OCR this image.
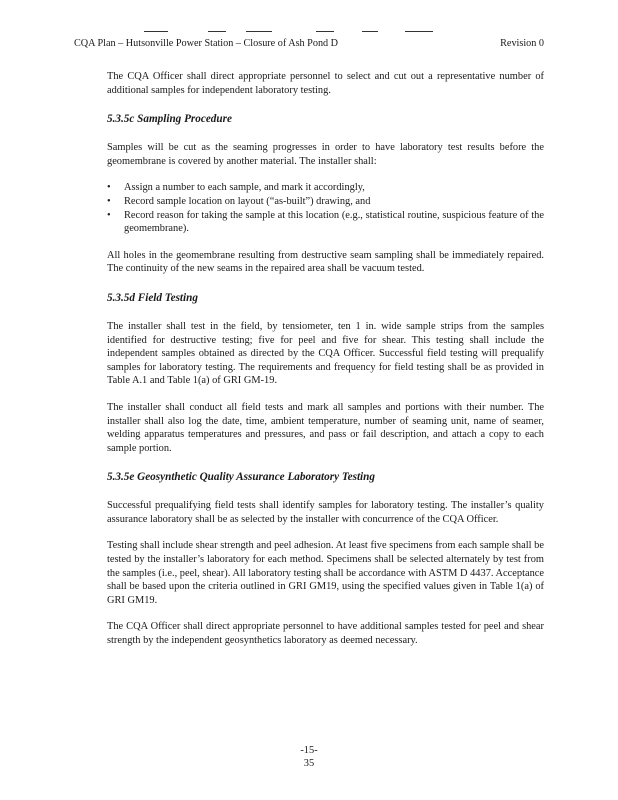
CQA Plan – Hutsonville Power Station – Closure of Ash Pond D	Revision 0

The CQA Officer shall direct appropriate personnel to select and cut out a representative number of additional samples for independent laboratory testing.

5.3.5c Sampling Procedure

Samples will be cut as the seaming progresses in order to have laboratory test results before the geomembrane is covered by another material. The installer shall:

• Assign a number to each sample, and mark it accordingly,
• Record sample location on layout (“as-built”) drawing, and
• Record reason for taking the sample at this location (e.g., statistical routine, suspicious feature of the geomembrane).

All holes in the geomembrane resulting from destructive seam sampling shall be immediately repaired. The continuity of the new seams in the repaired area shall be vacuum tested.

5.3.5d Field Testing

The installer shall test in the field, by tensiometer, ten 1 in. wide sample strips from the samples identified for destructive testing; five for peel and five for shear. This testing shall include the independent samples obtained as directed by the CQA Officer. Successful field testing will prequalify samples for laboratory testing. The requirements and frequency for field testing shall be as provided in Table A.1 and Table 1(a) of GRI GM-19.

The installer shall conduct all field tests and mark all samples and portions with their number. The installer shall also log the date, time, ambient temperature, number of seaming unit, name of seamer, welding apparatus temperatures and pressures, and pass or fail description, and attach a copy to each sample portion.

5.3.5e Geosynthetic Quality Assurance Laboratory Testing

Successful prequalifying field tests shall identify samples for laboratory testing. The installer’s quality assurance laboratory shall be as selected by the installer with concurrence of the CQA Officer.

Testing shall include shear strength and peel adhesion. At least five specimens from each sample shall be tested by the installer’s laboratory for each method. Specimens shall be selected alternately by test from the samples (i.e., peel, shear). All laboratory testing shall be accordance with ASTM D 4437. Acceptance shall be based upon the criteria outlined in GRI GM19, using the specified values given in Table 1(a) of GRI GM19.

The CQA Officer shall direct appropriate personnel to have additional samples tested for peel and shear strength by the independent geosynthetics laboratory as deemed necessary.

-15-
35
